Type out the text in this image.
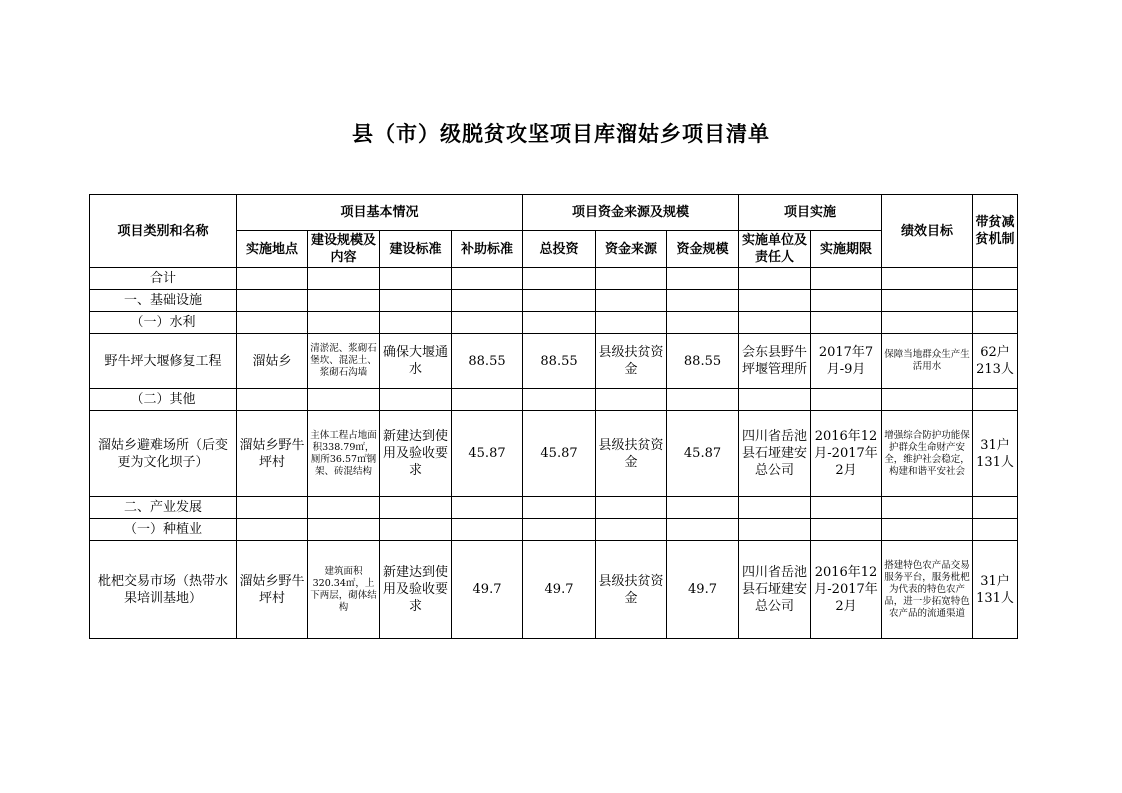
县（市）级脱贫攻坚项目库溜姑乡项目清单
项目类别和名称	项目基本情况				项目资金来源及规模			项目实施		绩效目标	带贫减贫机制
	实施地点	建设规模及内容	建设标准	补助标准	总投资	资金来源	资金规模	实施单位及责任人	实施期限		
合计											
一、基础设施											
（一）水利											
野牛坪大堰修复工程	溜姑乡	清淤泥、浆砌石堡坎、混泥土、浆砌石沟墙	确保大堰通水	88.55	88.55	县级扶贫资金	88.55	会东县野牛坪堰管理所	2017年7月-9月	保障当地群众生产生活用水	62户213人
（二）其他											
溜姑乡避难场所（后变更为文化坝子）	溜姑乡野牛坪村	主体工程占地面积338.79㎡，厕所36.57㎡钢架、砖混结构	新建达到使用及验收要求	45.87	45.87	县级扶贫资金	45.87	四川省岳池县石垭建安总公司	2016年12月-2017年2月	增强综合防护功能保护群众生命财产安全，维护社会稳定，构建和谐平安社会	31户131人
二、产业发展											
（一）种植业											
枇杷交易市场（热带水果培训基地）	溜姑乡野牛坪村	建筑面积320.34㎡，上下两层，砌体结构	新建达到使用及验收要求	49.7	49.7	县级扶贫资金	49.7	四川省岳池县石垭建安总公司	2016年12月-2017年2月	搭建特色农产品交易服务平台，服务枇杷为代表的特色农产品，进一步拓宽特色农产品的流通渠道	31户131人
